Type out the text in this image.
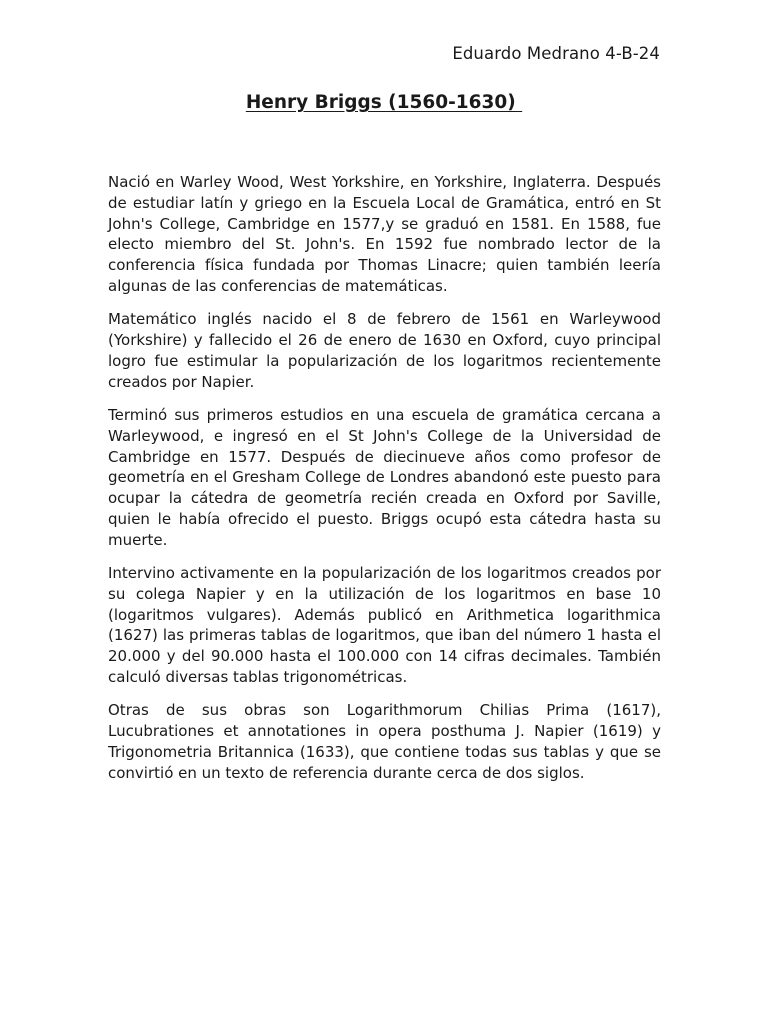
Eduardo Medrano 4-B-24
Henry Briggs (1560-1630)

Nació en Warley Wood, West Yorkshire, en Yorkshire, Inglaterra. Después de estudiar latín y griego en la Escuela Local de Gramática, entró en St John's College, Cambridge en 1577,y se graduó en 1581. En 1588, fue electo miembro del St. John's. En 1592 fue nombrado lector de la conferencia física fundada por Thomas Linacre; quien también leería algunas de las conferencias de matemáticas.

Matemático inglés nacido el 8 de febrero de 1561 en Warleywood (Yorkshire) y fallecido el 26 de enero de 1630 en Oxford, cuyo principal logro fue estimular la popularización de los logaritmos recientemente creados por Napier.

Terminó sus primeros estudios en una escuela de gramática cercana a Warleywood, e ingresó en el St John's College de la Universidad de Cambridge en 1577. Después de diecinueve años como profesor de geometría en el Gresham College de Londres abandonó este puesto para ocupar la cátedra de geometría recién creada en Oxford por Saville, quien le había ofrecido el puesto. Briggs ocupó esta cátedra hasta su muerte.

Intervino activamente en la popularización de los logaritmos creados por su colega Napier y en la utilización de los logaritmos en base 10 (logaritmos vulgares). Además publicó en Arithmetica logarithmica (1627) las primeras tablas de logaritmos, que iban del número 1 hasta el 20.000 y del 90.000 hasta el 100.000 con 14 cifras decimales. También calculó diversas tablas trigonométricas.

Otras de sus obras son Logarithmorum Chilias Prima (1617), Lucubrationes et annotationes in opera posthuma J. Napier (1619) y Trigonometria Britannica (1633), que contiene todas sus tablas y que se convirtió en un texto de referencia durante cerca de dos siglos.
